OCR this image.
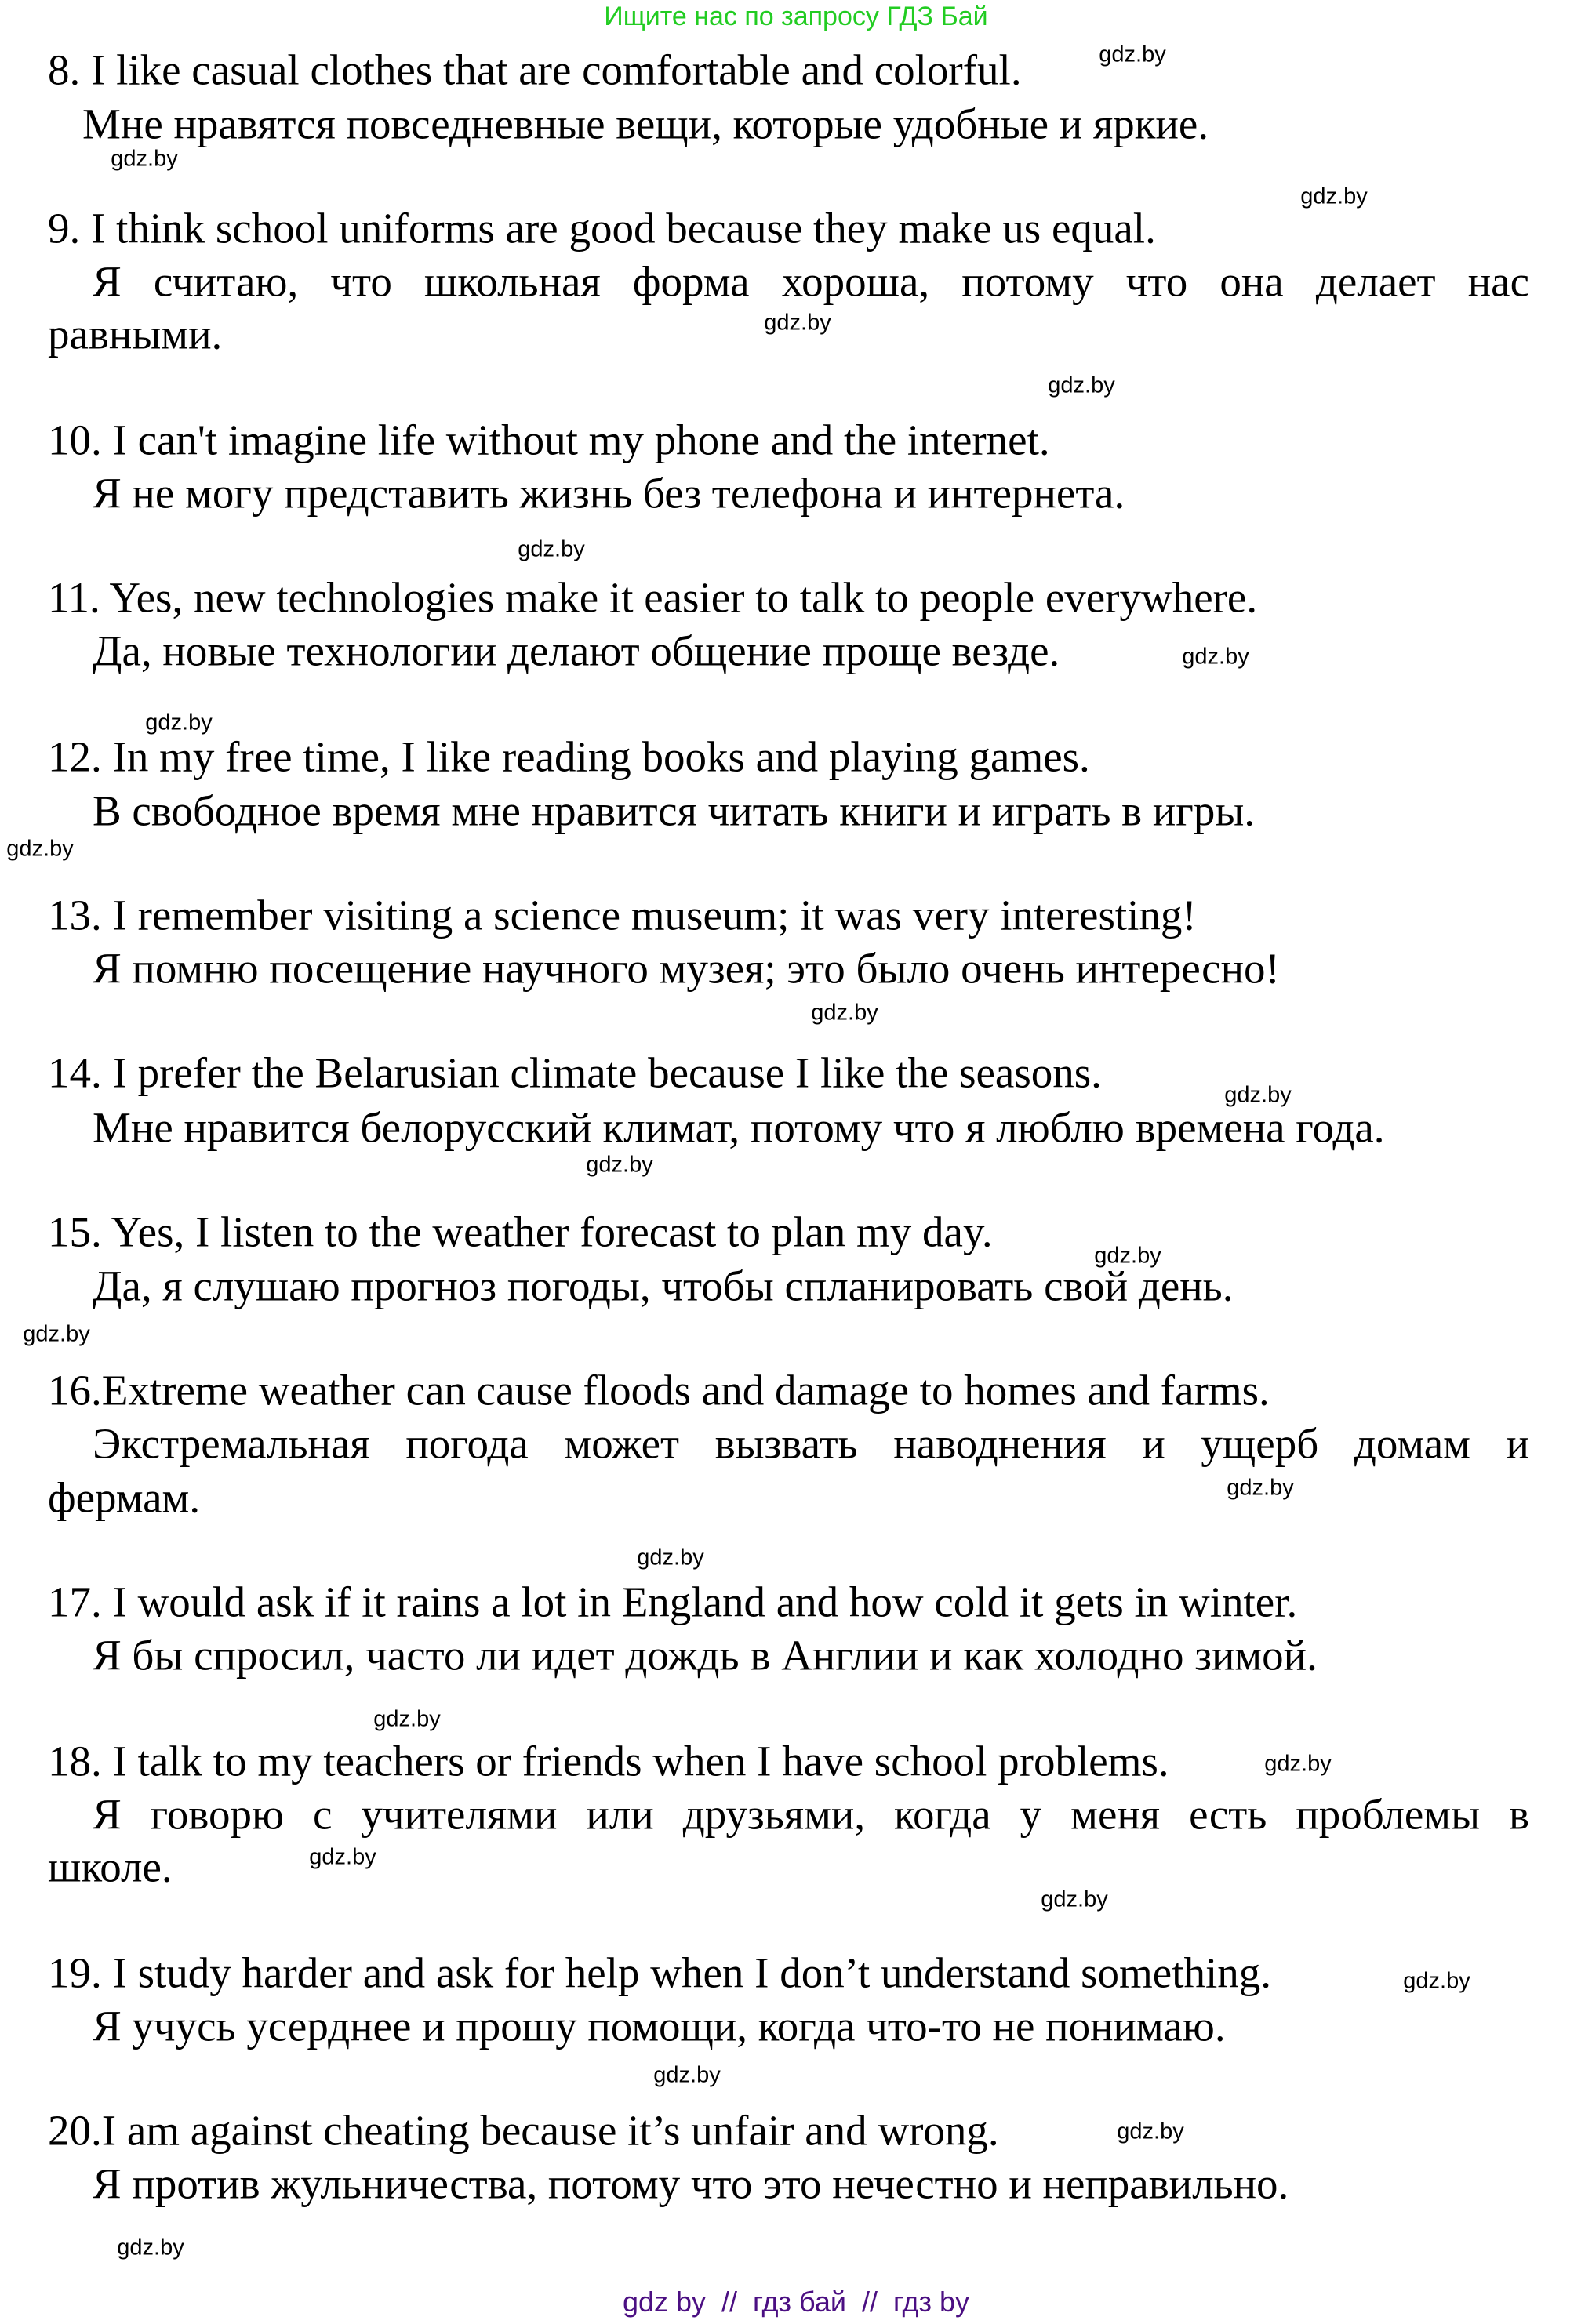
Ищите нас по запросу ГДЗ Бай
8. I like casual clothes that are comfortable and colorful.
Мне нравятся повседневные вещи, которые удобные и яркие.
9. I think school uniforms are good because they make us equal.
Я считаю, что школьная форма хороша, потому что она делает нас
равными.
10. I can't imagine life without my phone and the internet.
Я не могу представить жизнь без телефона и интернета.
11. Yes, new technologies make it easier to talk to people everywhere.
Да, новые технологии делают общение проще везде.
12. In my free time, I like reading books and playing games.
В свободное время мне нравится читать книги и играть в игры.
13. I remember visiting a science museum; it was very interesting!
Я помню посещение научного музея; это было очень интересно!
14. I prefer the Belarusian climate because I like the seasons.
Мне нравится белорусский климат, потому что я люблю времена года.
15. Yes, I listen to the weather forecast to plan my day.
Да, я слушаю прогноз погоды, чтобы спланировать свой день.
16.Extreme weather can cause floods and damage to homes and farms.
Экстремальная погода может вызвать наводнения и ущерб домам и
фермам.
17. I would ask if it rains a lot in England and how cold it gets in winter.
Я бы спросил, часто ли идет дождь в Англии и как холодно зимой.
18. I talk to my teachers or friends when I have school problems.
Я говорю с учителями или друзьями, когда у меня есть проблемы в
школе.
19. I study harder and ask for help when I don’t understand something.
Я учусь усерднее и прошу помощи, когда что-то не понимаю.
20.I am against cheating because it’s unfair and wrong.
Я против жульничества, потому что это нечестно и неправильно.
gdz.by
gdz.by
gdz.by
gdz.by
gdz.by
gdz.by
gdz.by
gdz.by
gdz.by
gdz.by
gdz.by
gdz.by
gdz.by
gdz.by
gdz.by
gdz.by
gdz.by
gdz.by
gdz.by
gdz.by
gdz.by
gdz.by
gdz.by
gdz.by
gdz by  //  гдз бай  //  гдз by
